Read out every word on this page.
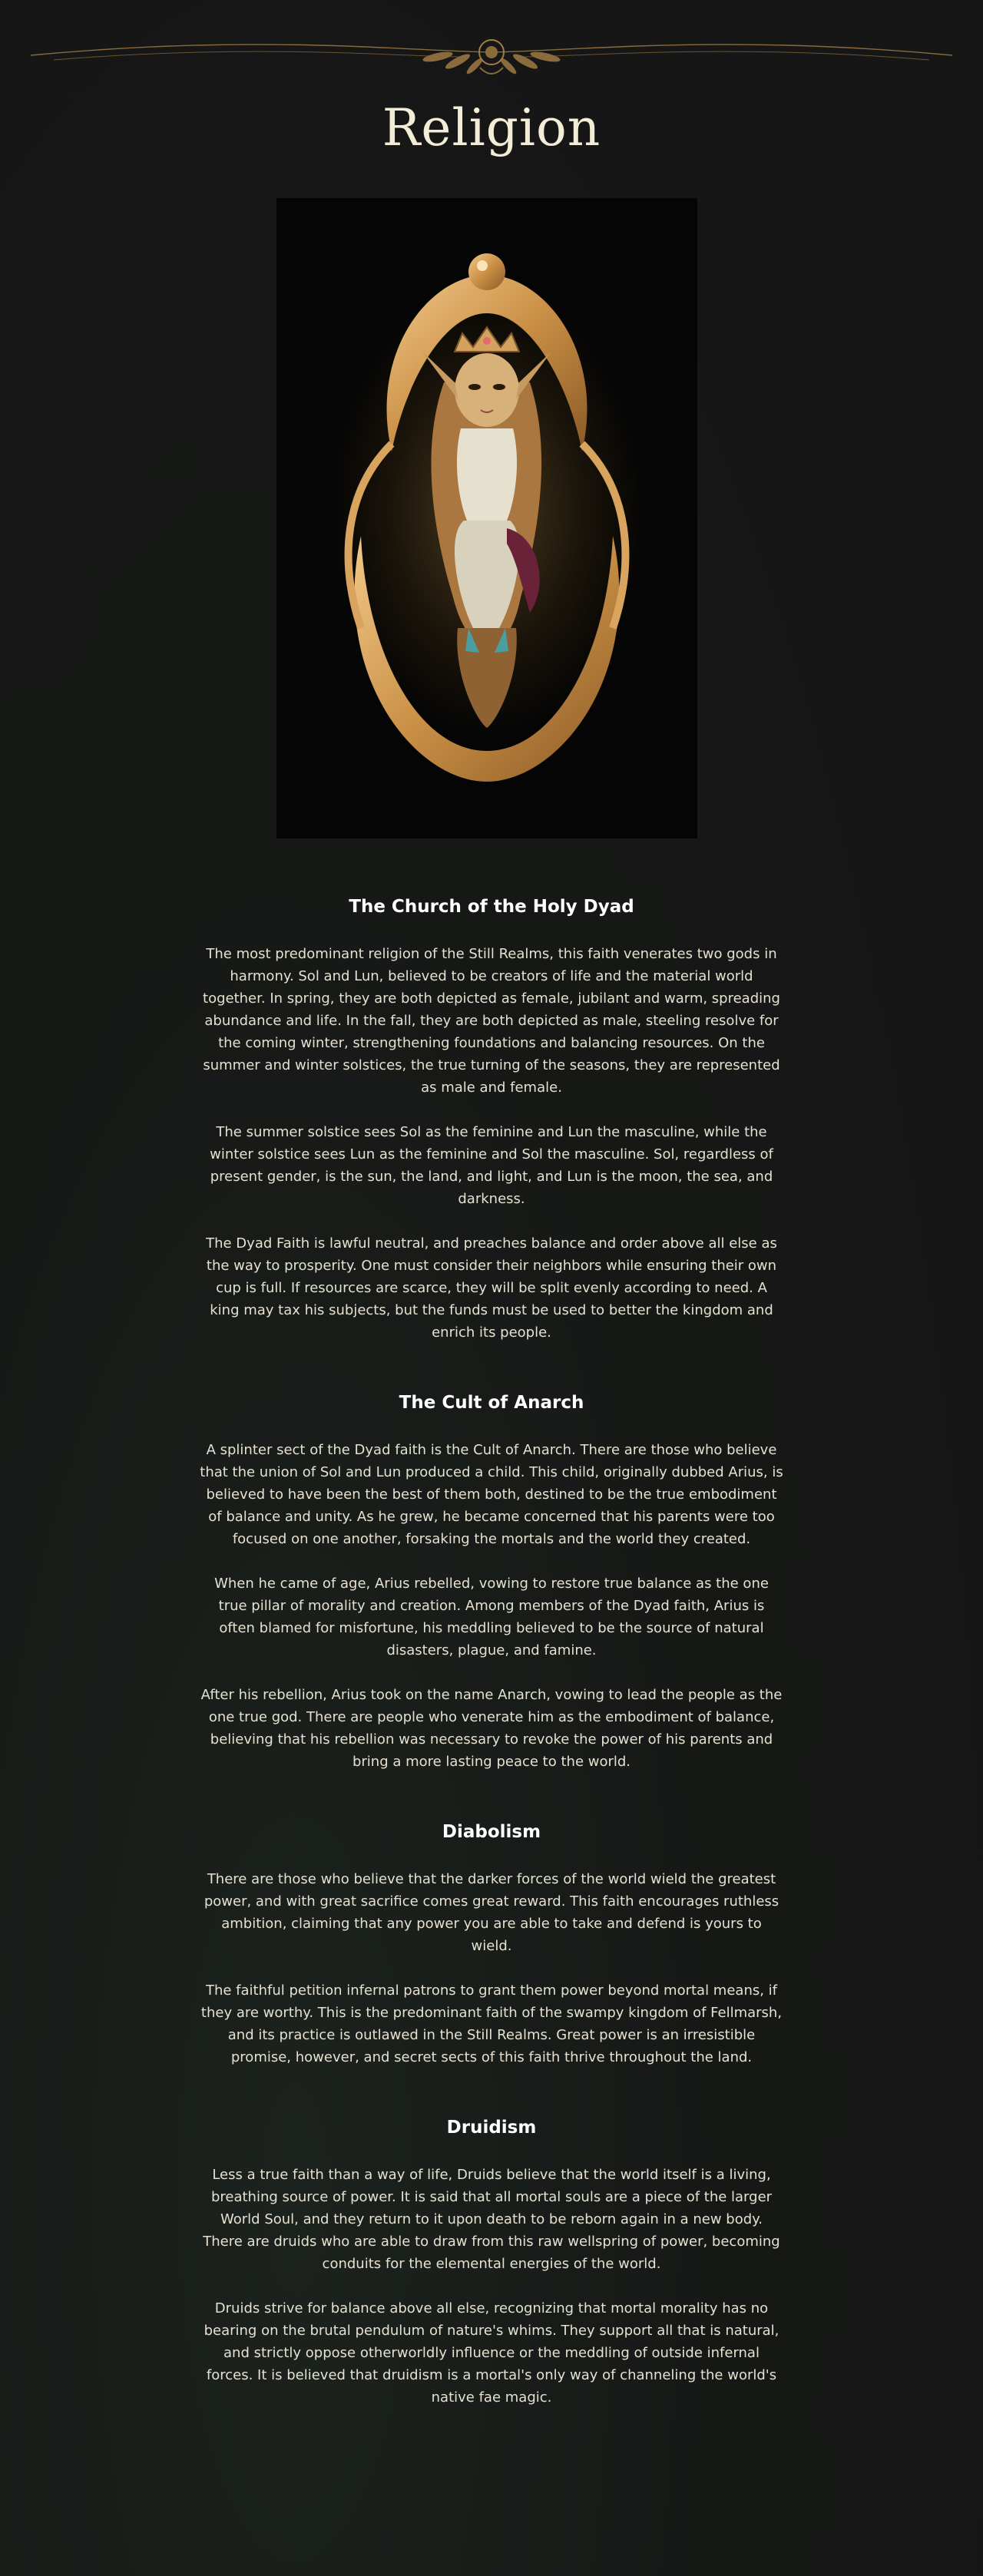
Religion
The Church of the Holy Dyad

The most predominant religion of the Still Realms, this faith venerates two gods in harmony. Sol and Lun, believed to be creators of life and the material world together. In spring, they are both depicted as female, jubilant and warm, spreading abundance and life. In the fall, they are both depicted as male, steeling resolve for the coming winter, strengthening foundations and balancing resources. On the summer and winter solstices, the true turning of the seasons, they are represented as male and female.

The summer solstice sees Sol as the feminine and Lun the masculine, while the winter solstice sees Lun as the feminine and Sol the masculine. Sol, regardless of present gender, is the sun, the land, and light, and Lun is the moon, the sea, and darkness.

The Dyad Faith is lawful neutral, and preaches balance and order above all else as the way to prosperity. One must consider their neighbors while ensuring their own cup is full. If resources are scarce, they will be split evenly according to need. A king may tax his subjects, but the funds must be used to better the kingdom and enrich its people.

The Cult of Anarch

A splinter sect of the Dyad faith is the Cult of Anarch. There are those who believe that the union of Sol and Lun produced a child. This child, originally dubbed Arius, is believed to have been the best of them both, destined to be the true embodiment of balance and unity. As he grew, he became concerned that his parents were too focused on one another, forsaking the mortals and the world they created.

When he came of age, Arius rebelled, vowing to restore true balance as the one true pillar of morality and creation. Among members of the Dyad faith, Arius is often blamed for misfortune, his meddling believed to be the source of natural disasters, plague, and famine.

After his rebellion, Arius took on the name Anarch, vowing to lead the people as the one true god. There are people who venerate him as the embodiment of balance, believing that his rebellion was necessary to revoke the power of his parents and bring a more lasting peace to the world.

Diabolism

There are those who believe that the darker forces of the world wield the greatest power, and with great sacrifice comes great reward. This faith encourages ruthless ambition, claiming that any power you are able to take and defend is yours to wield.

The faithful petition infernal patrons to grant them power beyond mortal means, if they are worthy. This is the predominant faith of the swampy kingdom of Fellmarsh, and its practice is outlawed in the Still Realms. Great power is an irresistible promise, however, and secret sects of this faith thrive throughout the land.

Druidism

Less a true faith than a way of life, Druids believe that the world itself is a living, breathing source of power. It is said that all mortal souls are a piece of the larger World Soul, and they return to it upon death to be reborn again in a new body. There are druids who are able to draw from this raw wellspring of power, becoming conduits for the elemental energies of the world.

Druids strive for balance above all else, recognizing that mortal morality has no bearing on the brutal pendulum of nature's whims. They support all that is natural, and strictly oppose otherworldly influence or the meddling of outside infernal forces. It is believed that druidism is a mortal's only way of channeling the world's native fae magic.
